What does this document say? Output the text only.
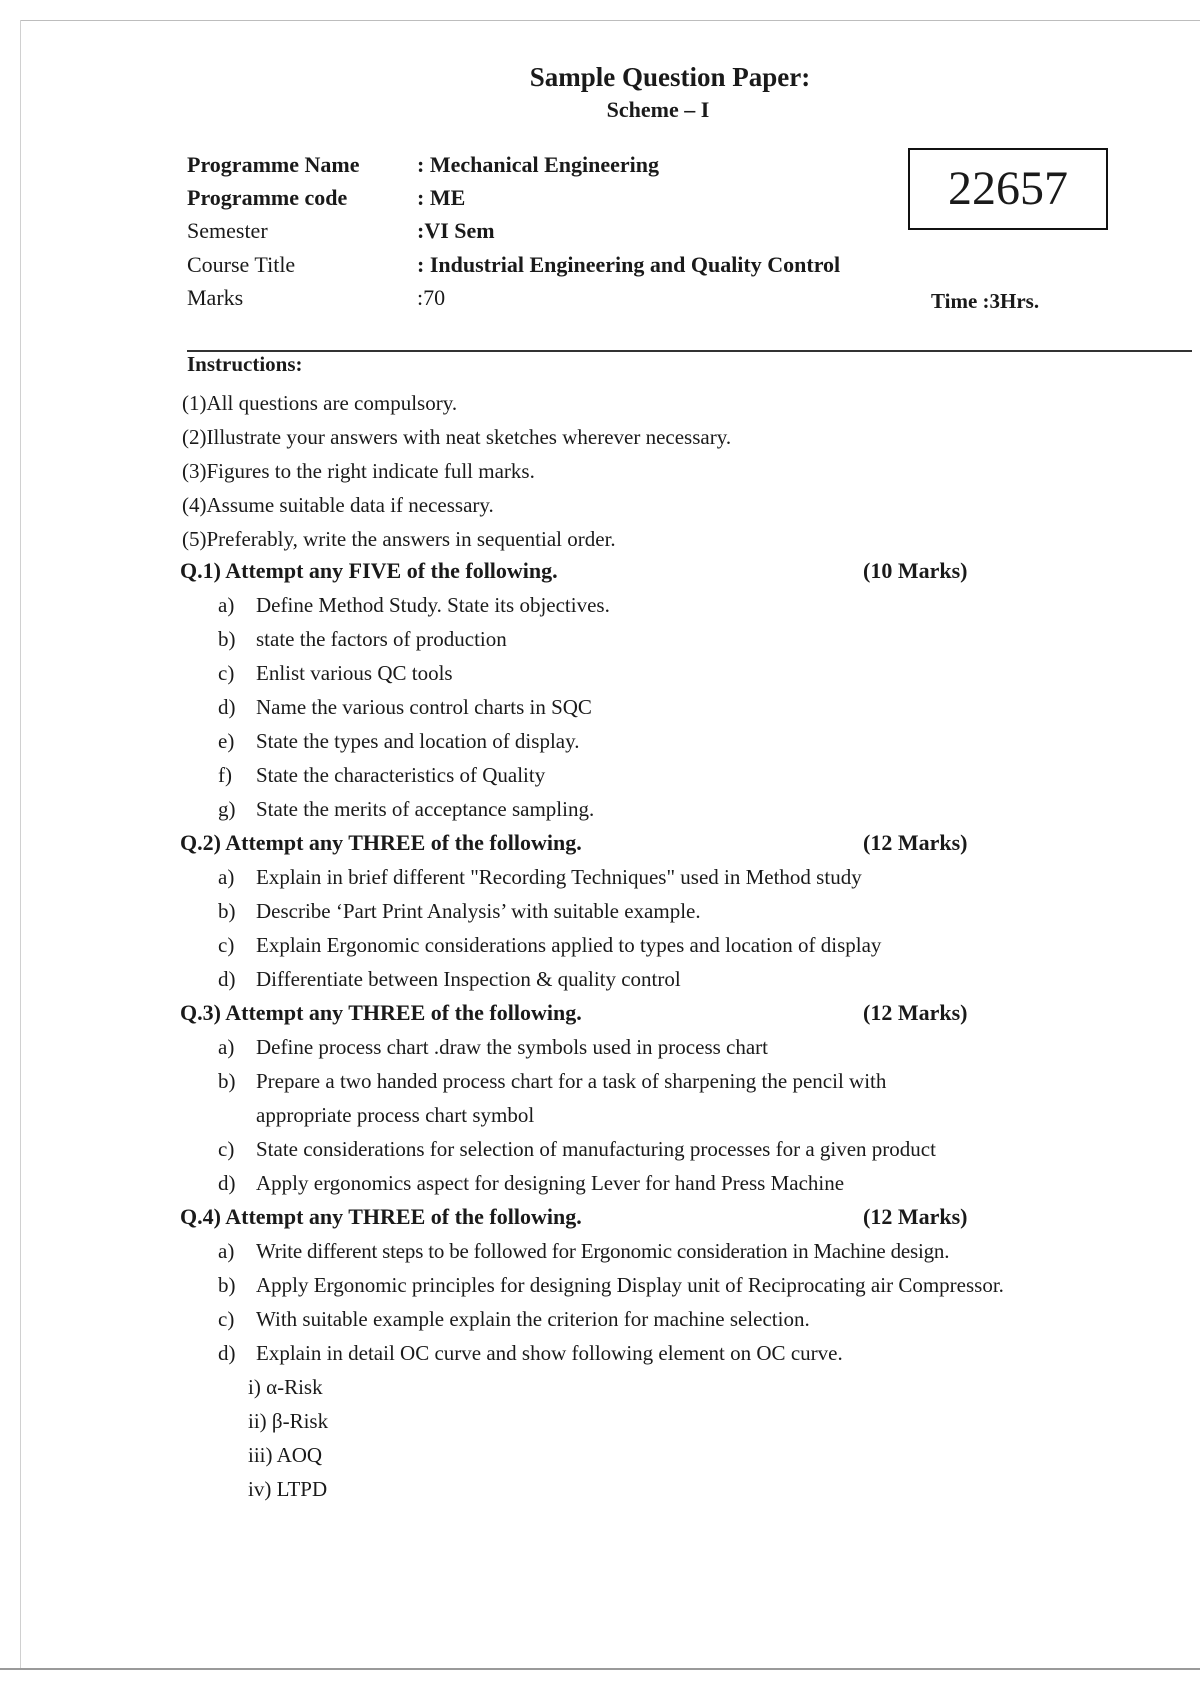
Sample Question Paper:
Scheme – I
Programme Name	: Mechanical Engineering
Programme code	: ME
Semester	:VI Sem
Course Title	: Industrial Engineering and Quality Control
Marks	:70
22657
Time :3Hrs.
Instructions:
(1)All questions are compulsory.
(2)Illustrate your answers with neat sketches wherever necessary.
(3)Figures to the right indicate full marks.
(4)Assume suitable data if necessary.
(5)Preferably, write the answers in sequential order.
Q.1) Attempt any FIVE of the following.	(10 Marks)
a)	Define Method Study. State its objectives.
b) state the factors of production
c)	Enlist various QC tools
d) Name the various control charts in SQC
e)	State the types and location of display.
f)	State the characteristics of Quality
g) State the merits of acceptance sampling.
Q.2) Attempt any THREE of the following.	(12 Marks)
a)	Explain in brief different "Recording Techniques" used in Method study
b) Describe ‘Part Print Analysis’ with suitable example.
c)	Explain Ergonomic considerations applied to types and location of display
d) Differentiate between Inspection & quality control
Q.3) Attempt any THREE of the following.	(12 Marks)
a)	Define process chart .draw the symbols used in process chart
b) Prepare a two handed process chart for a task of sharpening the pencil with appropriate process chart symbol
c)	State considerations for selection of manufacturing processes for a given product
d) Apply ergonomics aspect for designing Lever for hand Press Machine
Q.4) Attempt any THREE of the following.	(12 Marks)
a)	Write different steps to be followed for Ergonomic consideration in Machine design.
b) Apply Ergonomic principles for designing Display unit of Reciprocating air Compressor.
c)	With suitable example explain the criterion for machine selection.
d) Explain in detail OC curve and show following element on OC curve.
i) α-Risk
ii) β-Risk
iii) AOQ
iv) LTPD
